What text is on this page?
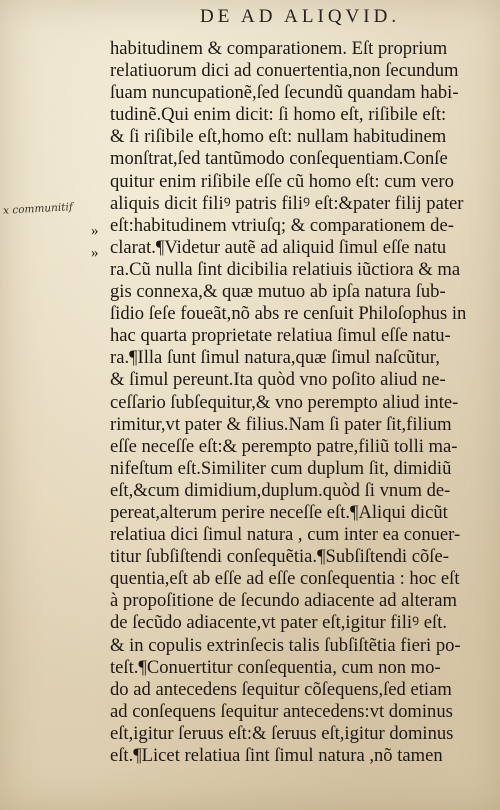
DE AD ALIQVID.
x communitif
»
»
habitudinem & comparationem. Eſt proprium
relatiuorum dici ad conuertentia,non ſecundum
ſuam nuncupationẽ,ſed ſecundũ quandam habi-
tudinẽ.Qui enim dicit: ſi homo eſt, riſibile eſt:
& ſi riſibile eſt,homo eſt: nullam habitudinem
monſtrat,ſed tantũmodo conſequentiam.Conſe
quitur enim riſibile eſſe cũ homo eſt: cum vero
aliquis dicit filiꝰ patris filiꝰ eſt:&pater filij pater
eſt:habitudinem vtriuſq; & comparationem de-
clarat.¶Videtur autẽ ad aliquid ſimul eſſe natu
ra.Cũ nulla ſint dicibilia relatiuis iũctiora & ma
gis connexa,& quæ mutuo ab ipſa natura ſub-
ſidio ſeſe foueãt,nõ abs re cenſuit Philoſophus in
hac quarta proprietate relatiua ſimul eſſe natu-
ra.¶Illa ſunt ſimul natura,quæ ſimul naſcũtur,
& ſimul pereunt.Ita quòd vno poſito aliud ne-
ceſſario ſubſequitur,& vno perempto aliud inte-
rimitur,vt pater & filius.Nam ſi pater ſit,filium
eſſe neceſſe eſt:& perempto patre,filiũ tolli ma-
nifeſtum eſt.Similiter cum duplum ſit, dimidiũ
eſt,&cum dimidium,duplum.quòd ſi vnum de-
pereat,alterum perire neceſſe eſt.¶Aliqui dicũt
relatiua dici ſimul natura , cum inter ea conuer-
titur ſubſiſtendi conſequẽtia.¶Subſiſtendi cõſe-
quentia,eſt ab eſſe ad eſſe conſequentia : hoc eſt
à propoſitione de ſecundo adiacente ad alteram
de ſecũdo adiacente,vt pater eſt,igitur filiꝰ eſt.
& in copulis extrinſecis talis ſubſiſtẽtia fieri po-
teſt.¶Conuertitur conſequentia, cum non mo-
do ad antecedens ſequitur cõſequens,ſed etiam
ad conſequens ſequitur antecedens:vt dominus
eſt,igitur ſeruus eſt:& ſeruus eſt,igitur dominus
eſt.¶Licet relatiua ſint ſimul natura ,nõ tamen
